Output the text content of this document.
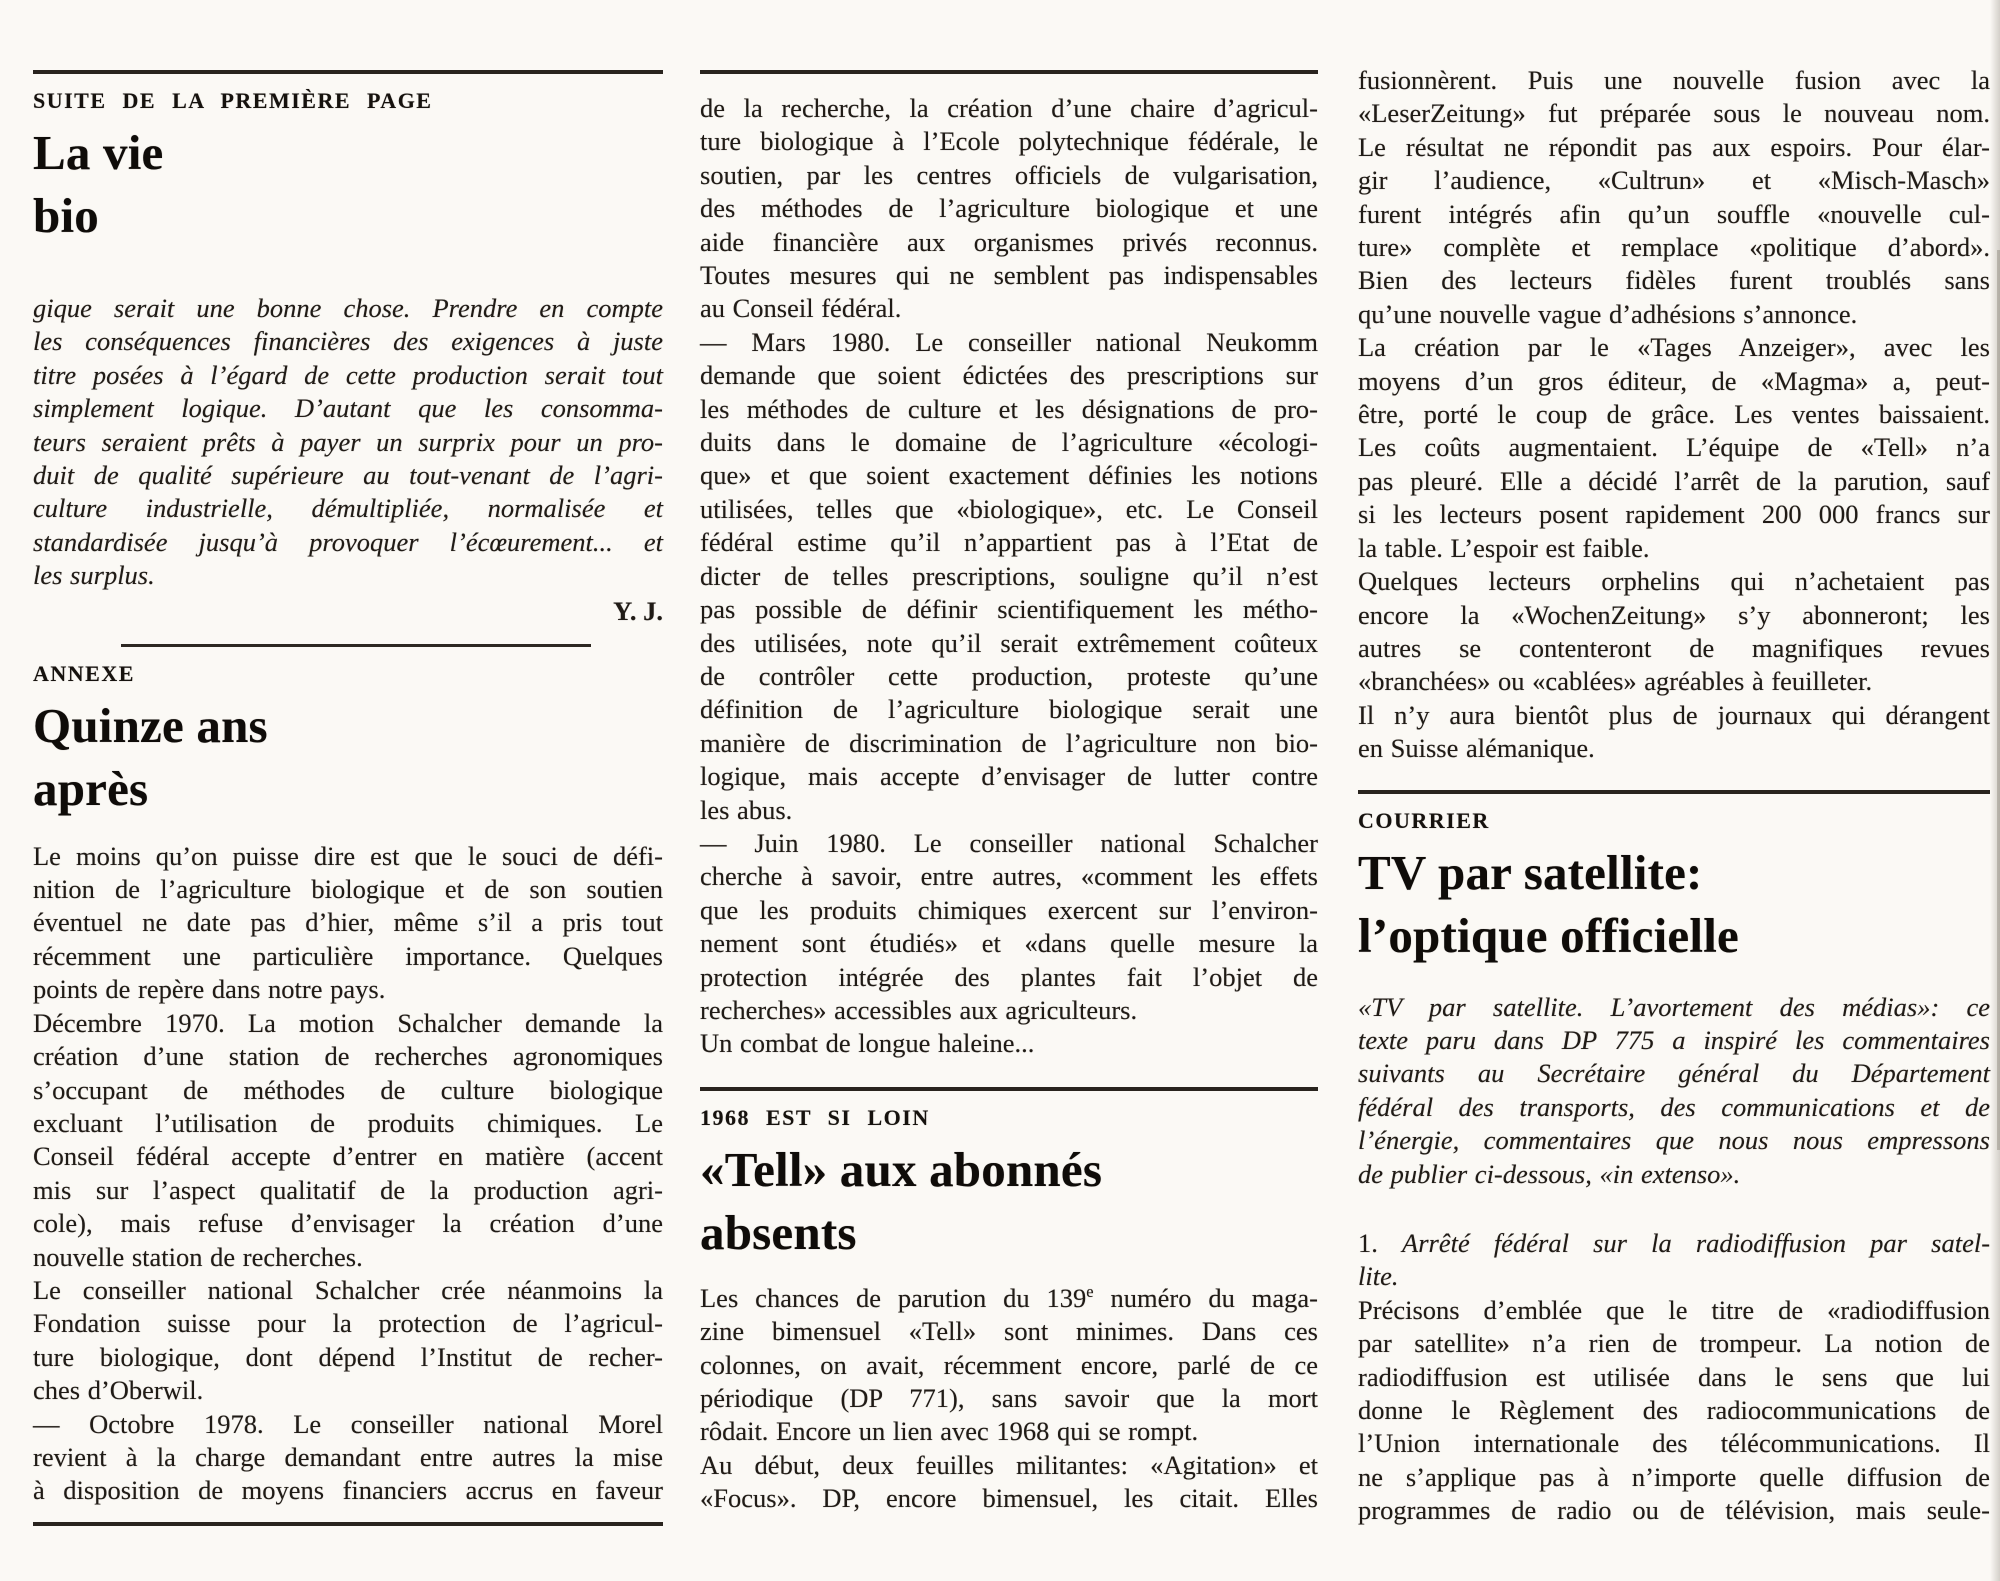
SUITE DE LA PREMIÈRE PAGE
La vie
bio
gique serait une bonne chose. Prendre en compte
les conséquences financières des exigences à juste
titre posées à l’égard de cette production serait tout
simplement logique. D’autant que les consomma-
teurs seraient prêts à payer un surprix pour un pro-
duit de qualité supérieure au tout-venant de l’agri-
culture industrielle, démultipliée, normalisée et
standardisée jusqu’à provoquer l’écœurement... et
les surplus.
Y. J.
ANNEXE
Quinze ans
après
Le moins qu’on puisse dire est que le souci de défi-
nition de l’agriculture biologique et de son soutien
éventuel ne date pas d’hier, même s’il a pris tout
récemment une particulière importance. Quelques
points de repère dans notre pays.
Décembre 1970. La motion Schalcher demande la
création d’une station de recherches agronomiques
s’occupant de méthodes de culture biologique
excluant l’utilisation de produits chimiques. Le
Conseil fédéral accepte d’entrer en matière (accent
mis sur l’aspect qualitatif de la production agri-
cole), mais refuse d’envisager la création d’une
nouvelle station de recherches.
Le conseiller national Schalcher crée néanmoins la
Fondation suisse pour la protection de l’agricul-
ture biologique, dont dépend l’Institut de recher-
ches d’Oberwil.
— Octobre 1978. Le conseiller national Morel
revient à la charge demandant entre autres la mise
à disposition de moyens financiers accrus en faveur
de la recherche, la création d’une chaire d’agricul-
ture biologique à l’Ecole polytechnique fédérale, le
soutien, par les centres officiels de vulgarisation,
des méthodes de l’agriculture biologique et une
aide financière aux organismes privés reconnus.
Toutes mesures qui ne semblent pas indispensables
au Conseil fédéral.
— Mars 1980. Le conseiller national Neukomm
demande que soient édictées des prescriptions sur
les méthodes de culture et les désignations de pro-
duits dans le domaine de l’agriculture «écologi-
que» et que soient exactement définies les notions
utilisées, telles que «biologique», etc. Le Conseil
fédéral estime qu’il n’appartient pas à l’Etat de
dicter de telles prescriptions, souligne qu’il n’est
pas possible de définir scientifiquement les métho-
des utilisées, note qu’il serait extrêmement coûteux
de contrôler cette production, proteste qu’une
définition de l’agriculture biologique serait une
manière de discrimination de l’agriculture non bio-
logique, mais accepte d’envisager de lutter contre
les abus.
— Juin 1980. Le conseiller national Schalcher
cherche à savoir, entre autres, «comment les effets
que les produits chimiques exercent sur l’environ-
nement sont étudiés» et «dans quelle mesure la
protection intégrée des plantes fait l’objet de
recherches» accessibles aux agriculteurs.
Un combat de longue haleine...
1968 EST SI LOIN
«Tell» aux abonnés
absents
Les chances de parution du 139e numéro du maga-
zine bimensuel «Tell» sont minimes. Dans ces
colonnes, on avait, récemment encore, parlé de ce
périodique (DP 771), sans savoir que la mort
rôdait. Encore un lien avec 1968 qui se rompt.
Au début, deux feuilles militantes: «Agitation» et
«Focus». DP, encore bimensuel, les citait. Elles
fusionnèrent. Puis une nouvelle fusion avec la
«LeserZeitung» fut préparée sous le nouveau nom.
Le résultat ne répondit pas aux espoirs. Pour élar-
gir l’audience, «Cultrun» et «Misch-Masch»
furent intégrés afin qu’un souffle «nouvelle cul-
ture» complète et remplace «politique d’abord».
Bien des lecteurs fidèles furent troublés sans
qu’une nouvelle vague d’adhésions s’annonce.
La création par le «Tages Anzeiger», avec les
moyens d’un gros éditeur, de «Magma» a, peut-
être, porté le coup de grâce. Les ventes baissaient.
Les coûts augmentaient. L’équipe de «Tell» n’a
pas pleuré. Elle a décidé l’arrêt de la parution, sauf
si les lecteurs posent rapidement 200 000 francs sur
la table. L’espoir est faible.
Quelques lecteurs orphelins qui n’achetaient pas
encore la «WochenZeitung» s’y abonneront; les
autres se contenteront de magnifiques revues
«branchées» ou «cablées» agréables à feuilleter.
Il n’y aura bientôt plus de journaux qui dérangent
en Suisse alémanique.
COURRIER
TV par satellite:
l’optique officielle
«TV par satellite. L’avortement des médias»: ce
texte paru dans DP 775 a inspiré les commentaires
suivants au Secrétaire général du Département
fédéral des transports, des communications et de
l’énergie, commentaires que nous nous empressons
de publier ci-dessous, «in extenso».
1. Arrêté fédéral sur la radiodiffusion par satel-
lite.
Précisons d’emblée que le titre de «radiodiffusion
par satellite» n’a rien de trompeur. La notion de
radiodiffusion est utilisée dans le sens que lui
donne le Règlement des radiocommunications de
l’Union internationale des télécommunications. Il
ne s’applique pas à n’importe quelle diffusion de
programmes de radio ou de télévision, mais seule-
